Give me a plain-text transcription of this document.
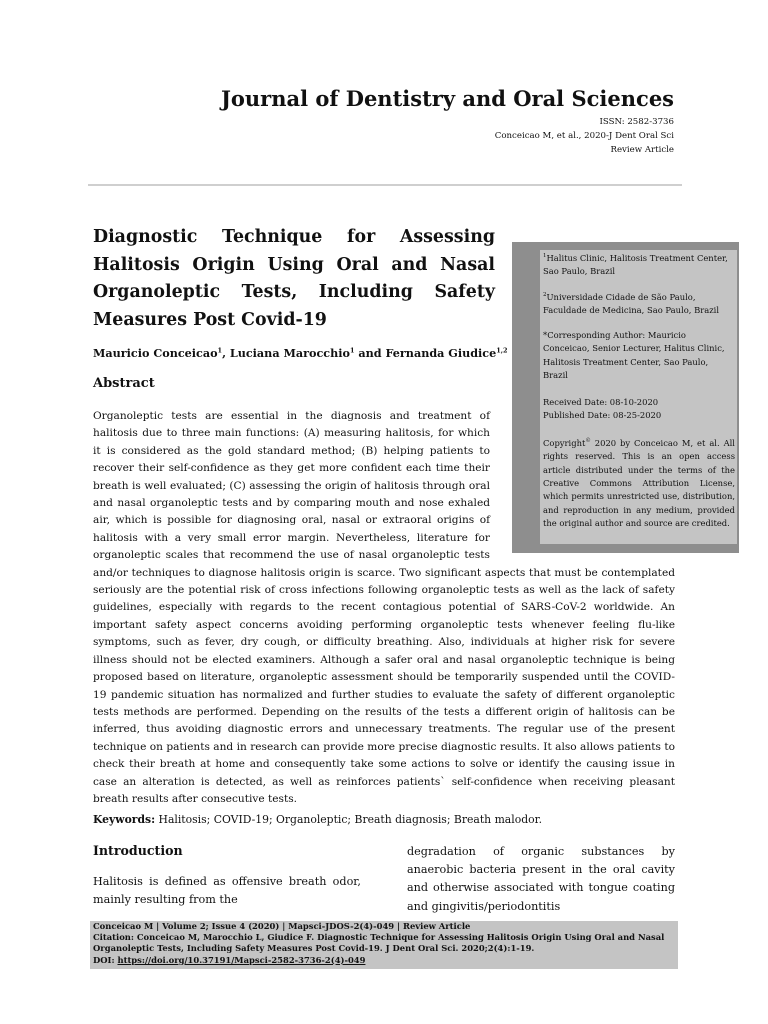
Journal of Dentistry and Oral Sciences
ISSN: 2582-3736
Conceicao M, et al., 2020-J Dent Oral Sci
Review Article
$^1$Halitus Clinic, Halitosis Treatment Center, Sao Paulo, Brazil
$^2$Universidade Cidade de São Paulo, Faculdade de Medicina, Sao Paulo, Brazil
*Corresponding Author: Mauricio Conceicao, Senior Lecturer, Halitus Clinic, Halitosis Treatment Center, Sao Paulo, Brazil
Received Date: 08-10-2020
Published Date: 08-25-2020
Copyright© 2020 by Conceicao M, et al. All rights reserved. This is an open access article distributed under the terms of the Creative Commons Attribution License, which permits unrestricted use, distribution, and reproduction in any medium, provided the original author and source are credited.
Diagnostic Technique for Assessing
Halitosis Origin Using Oral and Nasal
Organoleptic Tests, Including Safety
Measures Post Covid-19
Mauricio Conceicao$^1$, Luciana Marocchio$^1$ and Fernanda Giudice$^{1,2}$
Abstract
Organoleptic tests are essential in the diagnosis and treatment of halitosis due to three main functions: (A) measuring halitosis, for which it is considered as the gold standard method; (B) helping patients to recover their self-confidence as they get more confident each time their breath is well evaluated; (C) assessing the origin of halitosis through oral and nasal organoleptic tests and by comparing mouth and nose exhaled air, which is possible for diagnosing oral, nasal or extraoral origins of halitosis with a very small error margin. Nevertheless, literature for organoleptic scales that recommend the use of nasal organoleptic tests and/or techniques to diagnose halitosis origin is scarce. Two significant aspects that must be contemplated seriously are the potential risk of cross infections following organoleptic tests as well as the lack of safety guidelines, especially with regards to the recent contagious potential of SARS-CoV-2 worldwide. An important safety aspect concerns avoiding performing organoleptic tests whenever feeling flu-like symptoms, such as fever, dry cough, or difficulty breathing. Also, individuals at higher risk for severe illness should not be elected examiners. Although a safer oral and nasal organoleptic technique is being proposed based on literature, organoleptic assessment should be temporarily suspended until the COVID-19 pandemic situation has normalized and further studies to evaluate the safety of different organoleptic tests methods are performed. Depending on the results of the tests a different origin of halitosis can be inferred, thus avoiding diagnostic errors and unnecessary treatments. The regular use of the present technique on patients and in research can provide more precise diagnostic results. It also allows patients to check their breath at home and consequently take some actions to solve or identify the causing issue in case an alteration is detected, as well as reinforces patients` self-confidence when receiving pleasant breath results after consecutive tests.
Keywords: Halitosis; COVID-19; Organoleptic; Breath diagnosis; Breath malodor.
Introduction

Halitosis is defined as offensive breath odor, mainly resulting from the

degradation of organic substances by anaerobic bacteria present in the oral cavity and otherwise associated with tongue coating and gingivitis/periodontitis

Conceicao M | Volume 2; Issue 4 (2020) | Mapsci-JDOS-2(4)-049 | Review Article
Citation: Conceicao M, Marocchio L, Giudice F. Diagnostic Technique for Assessing Halitosis Origin Using Oral and Nasal
Organoleptic Tests, Including Safety Measures Post Covid-19. J Dent Oral Sci. 2020;2(4):1-19.
DOI: https://doi.org/10.37191/Mapsci-2582-3736-2(4)-049
